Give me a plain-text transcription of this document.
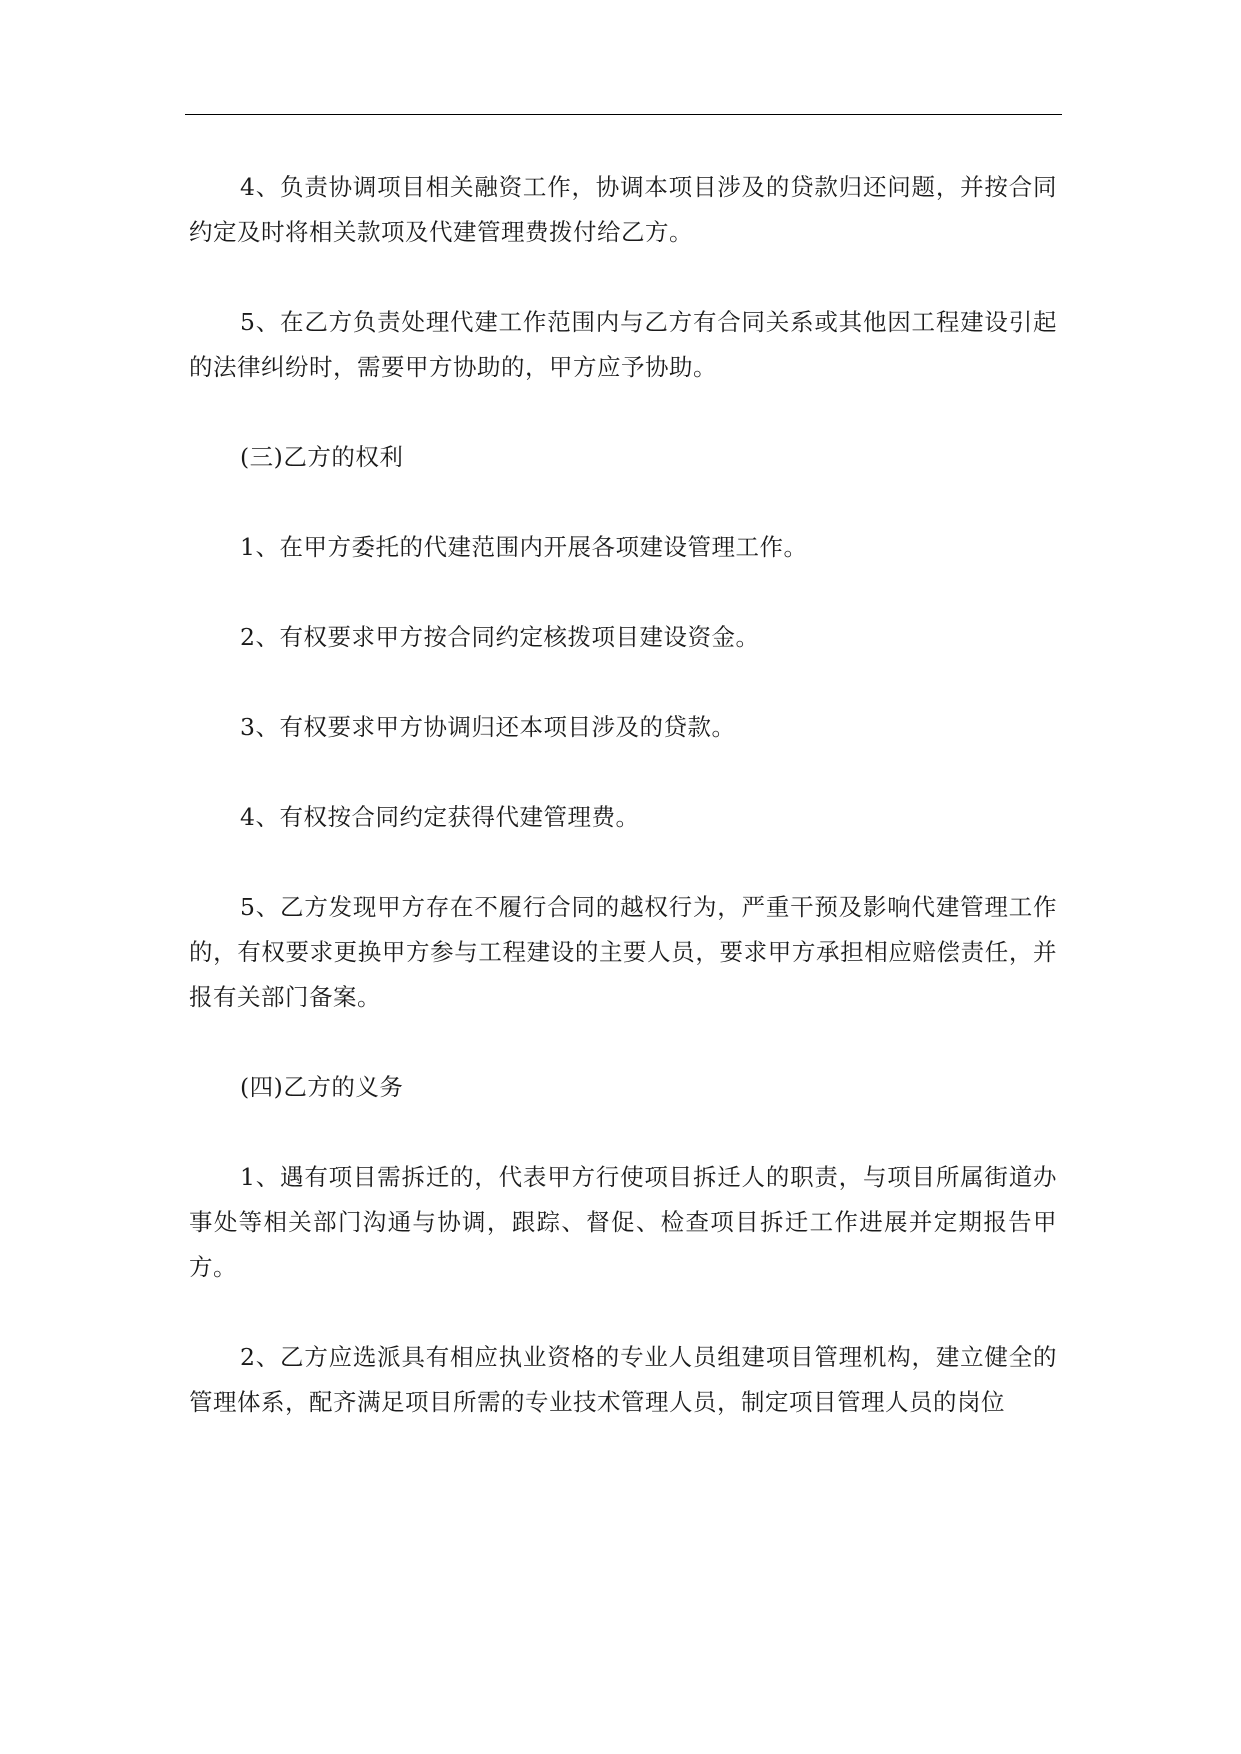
4、负责协调项目相关融资工作，协调本项目涉及的贷款归还问题，并按合同约定及时将相关款项及代建管理费拨付给乙方。

5、在乙方负责处理代建工作范围内与乙方有合同关系或其他因工程建设引起的法律纠纷时，需要甲方协助的，甲方应予协助。

(三)乙方的权利

1、在甲方委托的代建范围内开展各项建设管理工作。

2、有权要求甲方按合同约定核拨项目建设资金。

3、有权要求甲方协调归还本项目涉及的贷款。

4、有权按合同约定获得代建管理费。

5、乙方发现甲方存在不履行合同的越权行为，严重干预及影响代建管理工作的，有权要求更换甲方参与工程建设的主要人员，要求甲方承担相应赔偿责任，并报有关部门备案。

(四)乙方的义务

1、遇有项目需拆迁的，代表甲方行使项目拆迁人的职责，与项目所属街道办事处等相关部门沟通与协调，跟踪、督促、检查项目拆迁工作进展并定期报告甲方。

2、乙方应选派具有相应执业资格的专业人员组建项目管理机构，建立健全的管理体系，配齐满足项目所需的专业技术管理人员，制定项目管理人员的岗位
